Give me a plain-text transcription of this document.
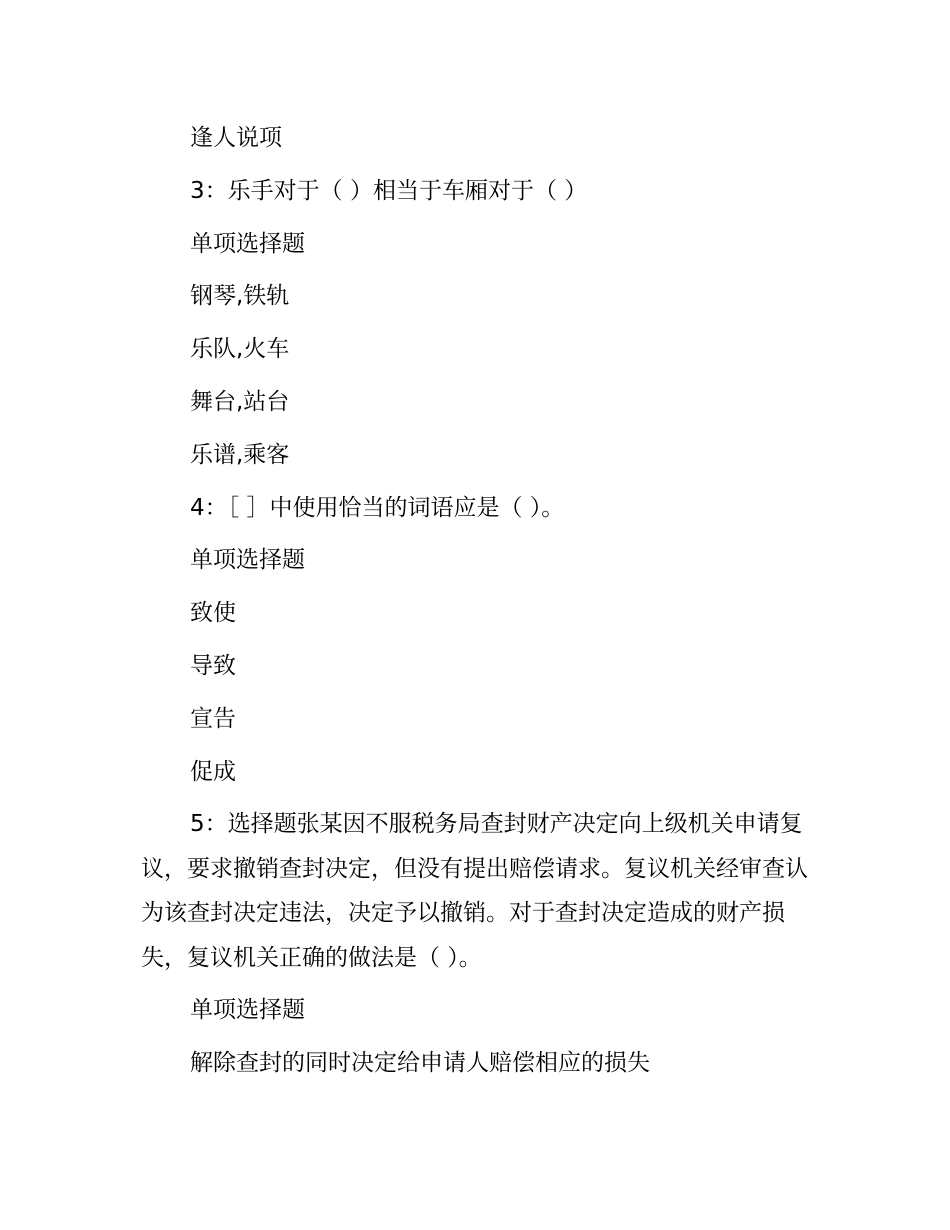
逢人说项
3：乐手对于（ ）相当于车厢对于（ ）
单项选择题
钢琴,铁轨
乐队,火车
舞台,站台
乐谱,乘客
4：［ ］中使用恰当的词语应是（ ）。
单项选择题
致使
导致
宣告
促成

5：选择题张某因不服税务局查封财产决定向上级机关申请复议，要求撤销查封决定，但没有提出赔偿请求。复议机关经审查认为该查封决定违法，决定予以撤销。对于查封决定造成的财产损失，复议机关正确的做法是（ ）。

单项选择题
解除查封的同时决定给申请人赔偿相应的损失
